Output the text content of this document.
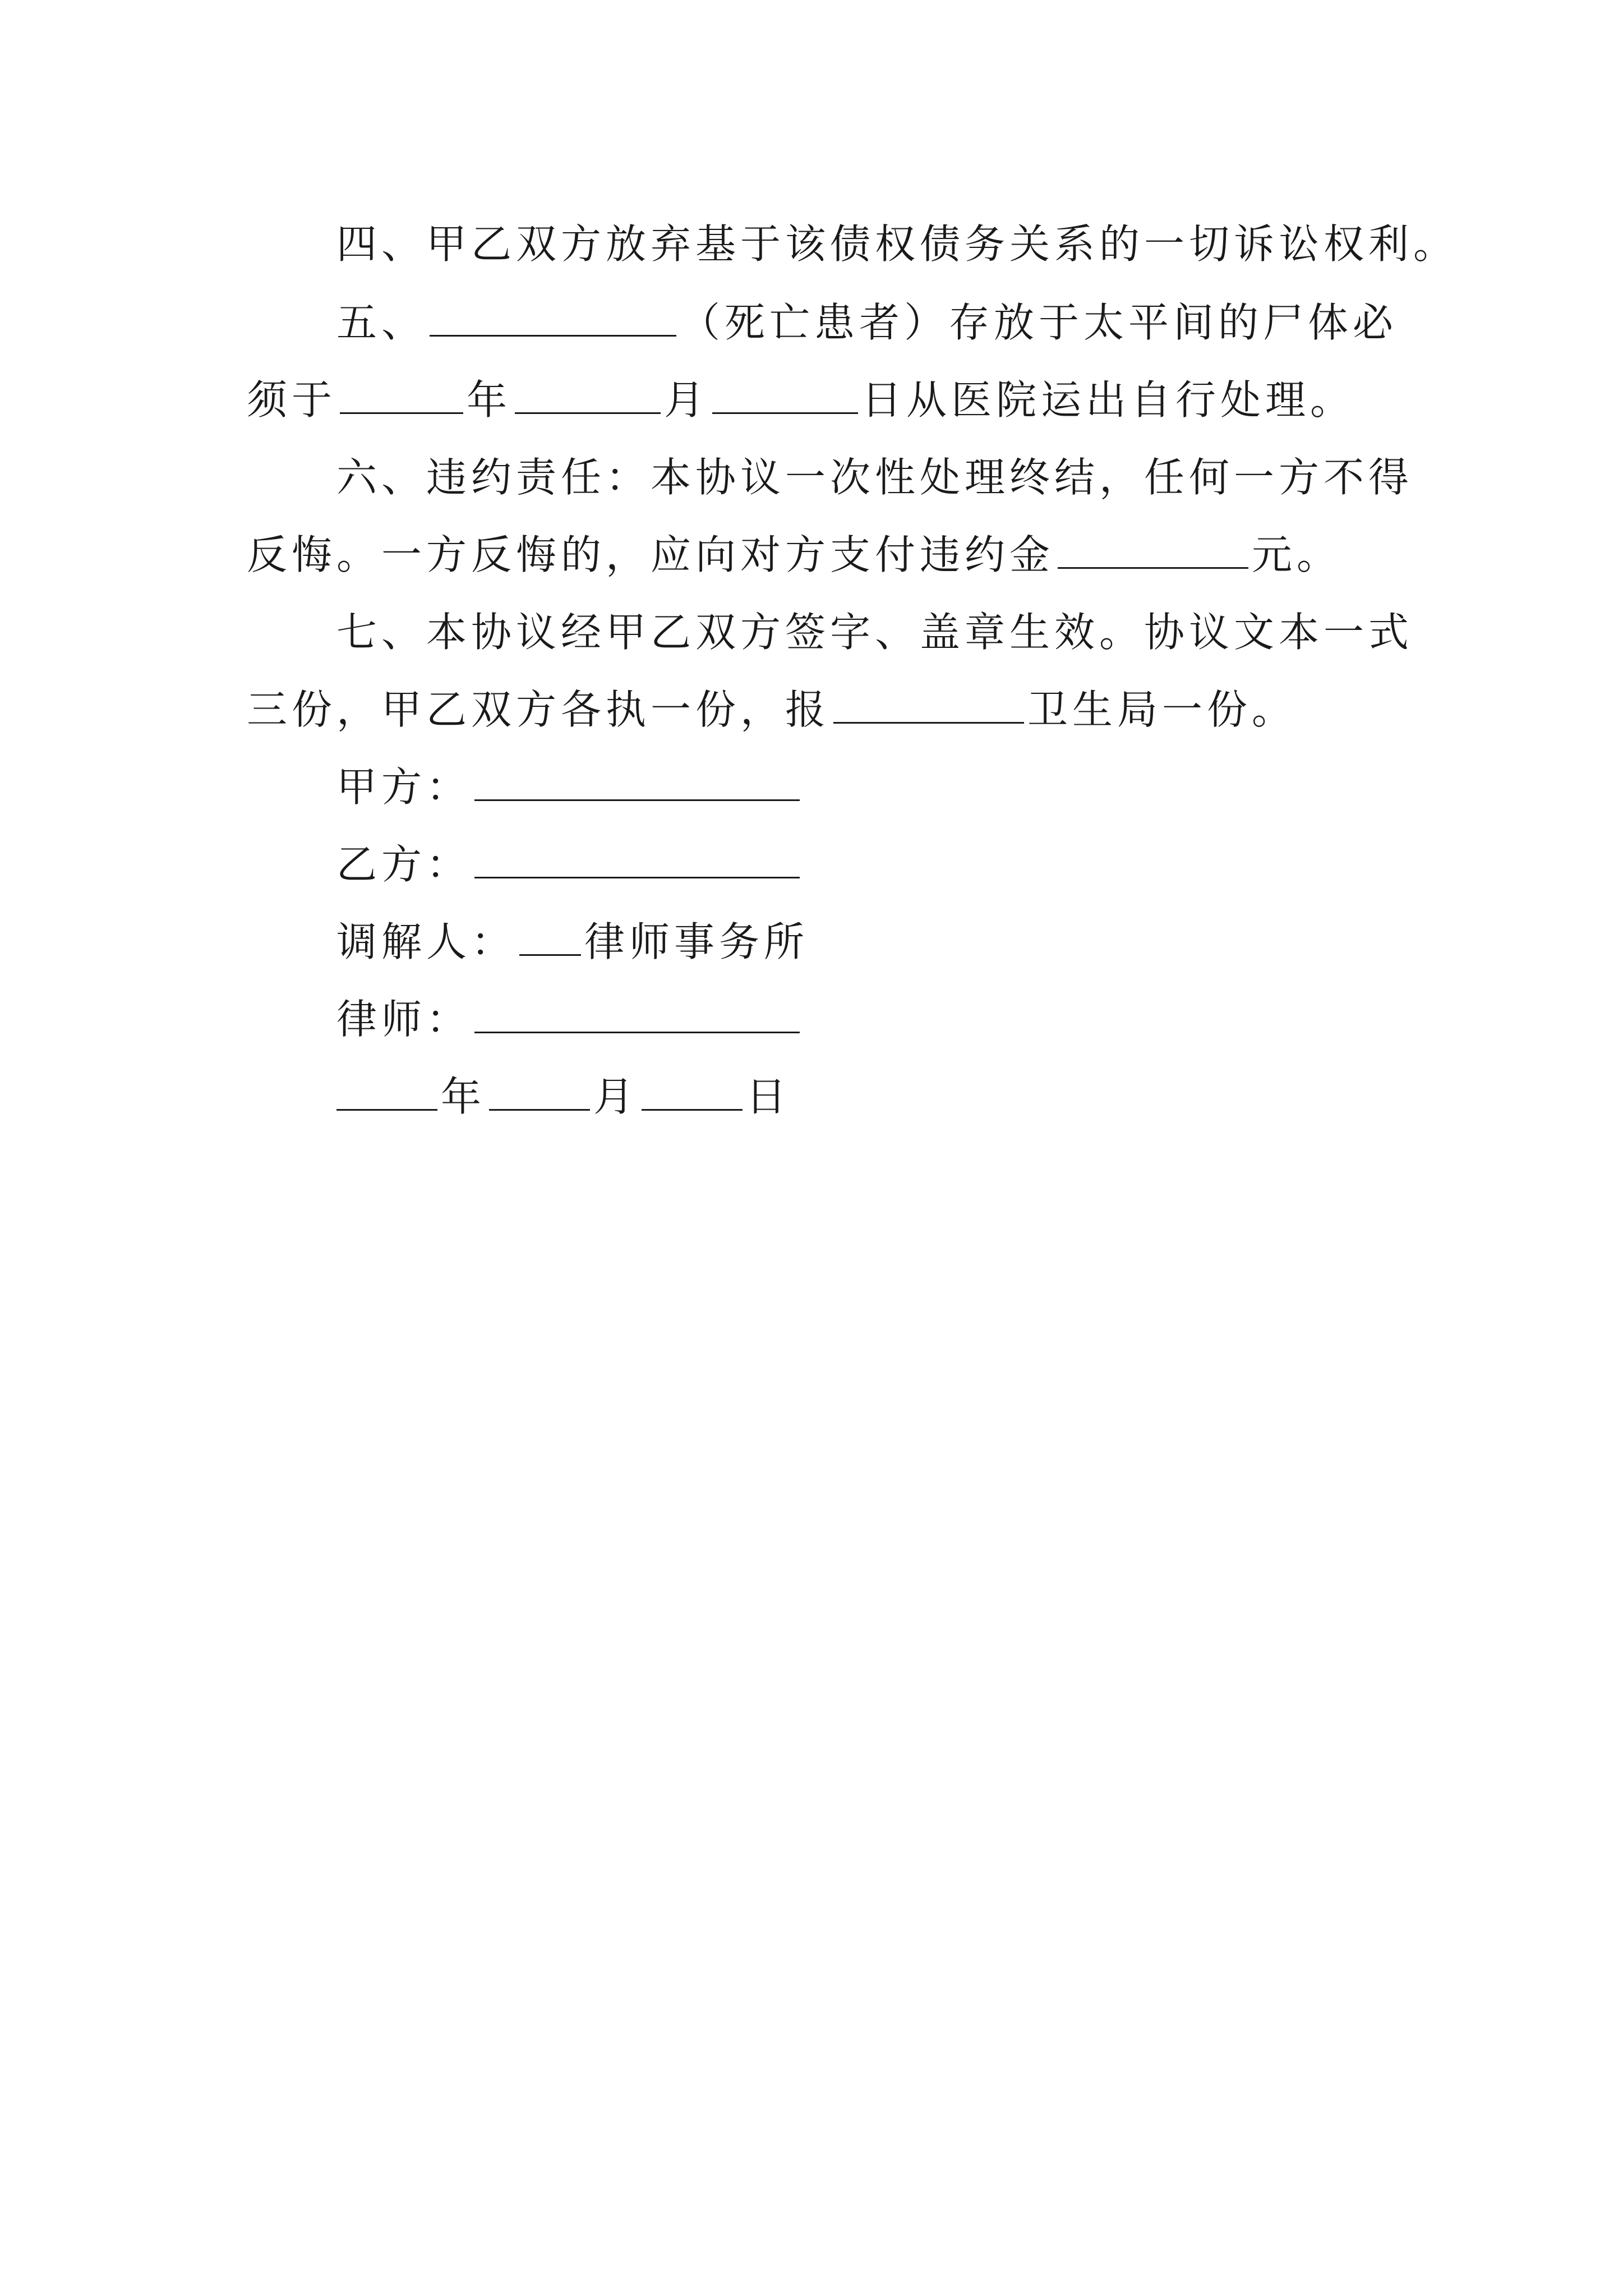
四、甲乙双方放弃基于该债权债务关系的一切诉讼权利。
五、	（死亡患者）存放于太平间的尸体必
须于	年	月	日从医院运出自行处理。
六、违约责任：本协议一次性处理终结，任何一方不得
反悔。一方反悔的，应向对方支付违约金	元。
七、本协议经甲乙双方签字、盖章生效。协议文本一式
三份，甲乙双方各执一份，报	卫生局一份。
甲方：
乙方：
调解人： 律师事务所
律师：
年	月	日
